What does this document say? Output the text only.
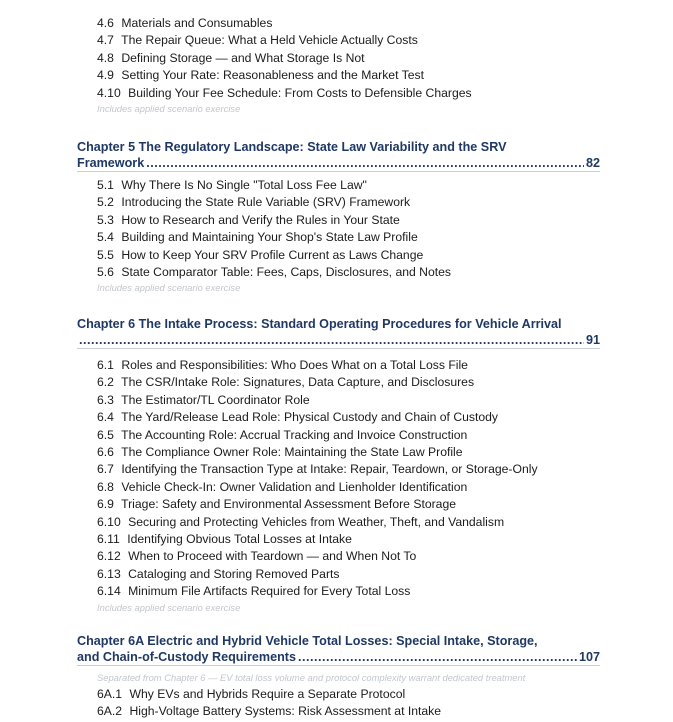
4.6 Materials and Consumables
4.7 The Repair Queue: What a Held Vehicle Actually Costs
4.8 Defining Storage — and What Storage Is Not
4.9 Setting Your Rate: Reasonableness and the Market Test
4.10 Building Your Fee Schedule: From Costs to Defensible Charges
Includes applied scenario exercise
Chapter 5 The Regulatory Landscape: State Law Variability and the SRV
Framework .....	82
5.1 Why There Is No Single "Total Loss Fee Law"
5.2 Introducing the State Rule Variable (SRV) Framework
5.3 How to Research and Verify the Rules in Your State
5.4 Building and Maintaining Your Shop's State Law Profile
5.5 How to Keep Your SRV Profile Current as Laws Change
5.6 State Comparator Table: Fees, Caps, Disclosures, and Notes
Includes applied scenario exercise
Chapter 6 The Intake Process: Standard Operating Procedures for Vehicle Arrival
.....
91
6.1 Roles and Responsibilities: Who Does What on a Total Loss File
6.2 The CSR/Intake Role: Signatures, Data Capture, and Disclosures
6.3 The Estimator/TL Coordinator Role
6.4 The Yard/Release Lead Role: Physical Custody and Chain of Custody
6.5 The Accounting Role: Accrual Tracking and Invoice Construction
6.6 The Compliance Owner Role: Maintaining the State Law Profile
6.7 Identifying the Transaction Type at Intake: Repair, Teardown, or Storage-Only
6.8 Vehicle Check-In: Owner Validation and Lienholder Identification
6.9 Triage: Safety and Environmental Assessment Before Storage
6.10 Securing and Protecting Vehicles from Weather, Theft, and Vandalism
6.11 Identifying Obvious Total Losses at Intake
6.12 When to Proceed with Teardown — and When Not To
6.13 Cataloging and Storing Removed Parts
6.14 Minimum File Artifacts Required for Every Total Loss
Includes applied scenario exercise
Chapter 6A Electric and Hybrid Vehicle Total Losses: Special Intake, Storage,
and Chain-of-Custody Requirements .....	107
Separated from Chapter 6 — EV total loss volume and protocol complexity warrant dedicated treatment
6A.1 Why EVs and Hybrids Require a Separate Protocol
6A.2 High-Voltage Battery Systems: Risk Assessment at Intake
